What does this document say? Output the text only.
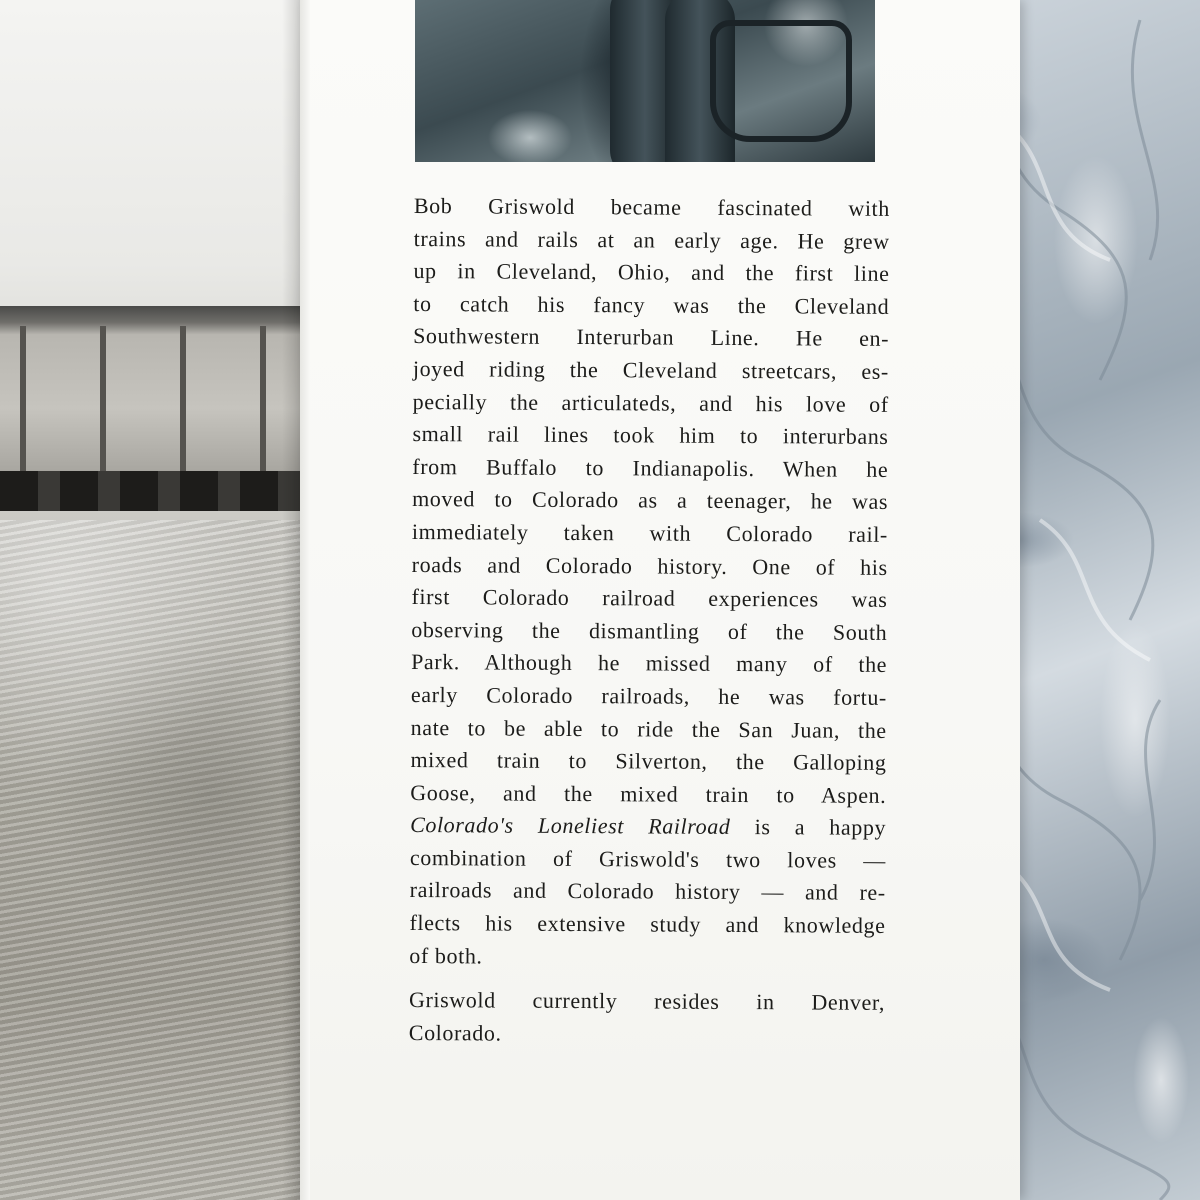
Bob Griswold became fascinated with
trains and rails at an early age. He grew
up in Cleveland, Ohio, and the first line
to catch his fancy was the Cleveland
Southwestern Interurban Line. He en-
joyed riding the Cleveland streetcars, es-
pecially the articulateds, and his love of
small rail lines took him to interurbans
from Buffalo to Indianapolis. When he
moved to Colorado as a teenager, he was
immediately taken with Colorado rail-
roads and Colorado history. One of his
first Colorado railroad experiences was
observing the dismantling of the South
Park. Although he missed many of the
early Colorado railroads, he was fortu-
nate to be able to ride the San Juan, the
mixed train to Silverton, the Galloping
Goose, and the mixed train to Aspen.
Colorado's Loneliest Railroad is a happy
combination of Griswold's two loves —
railroads and Colorado history — and re-
flects his extensive study and knowledge
of both.

Griswold currently resides in Denver,
Colorado.
